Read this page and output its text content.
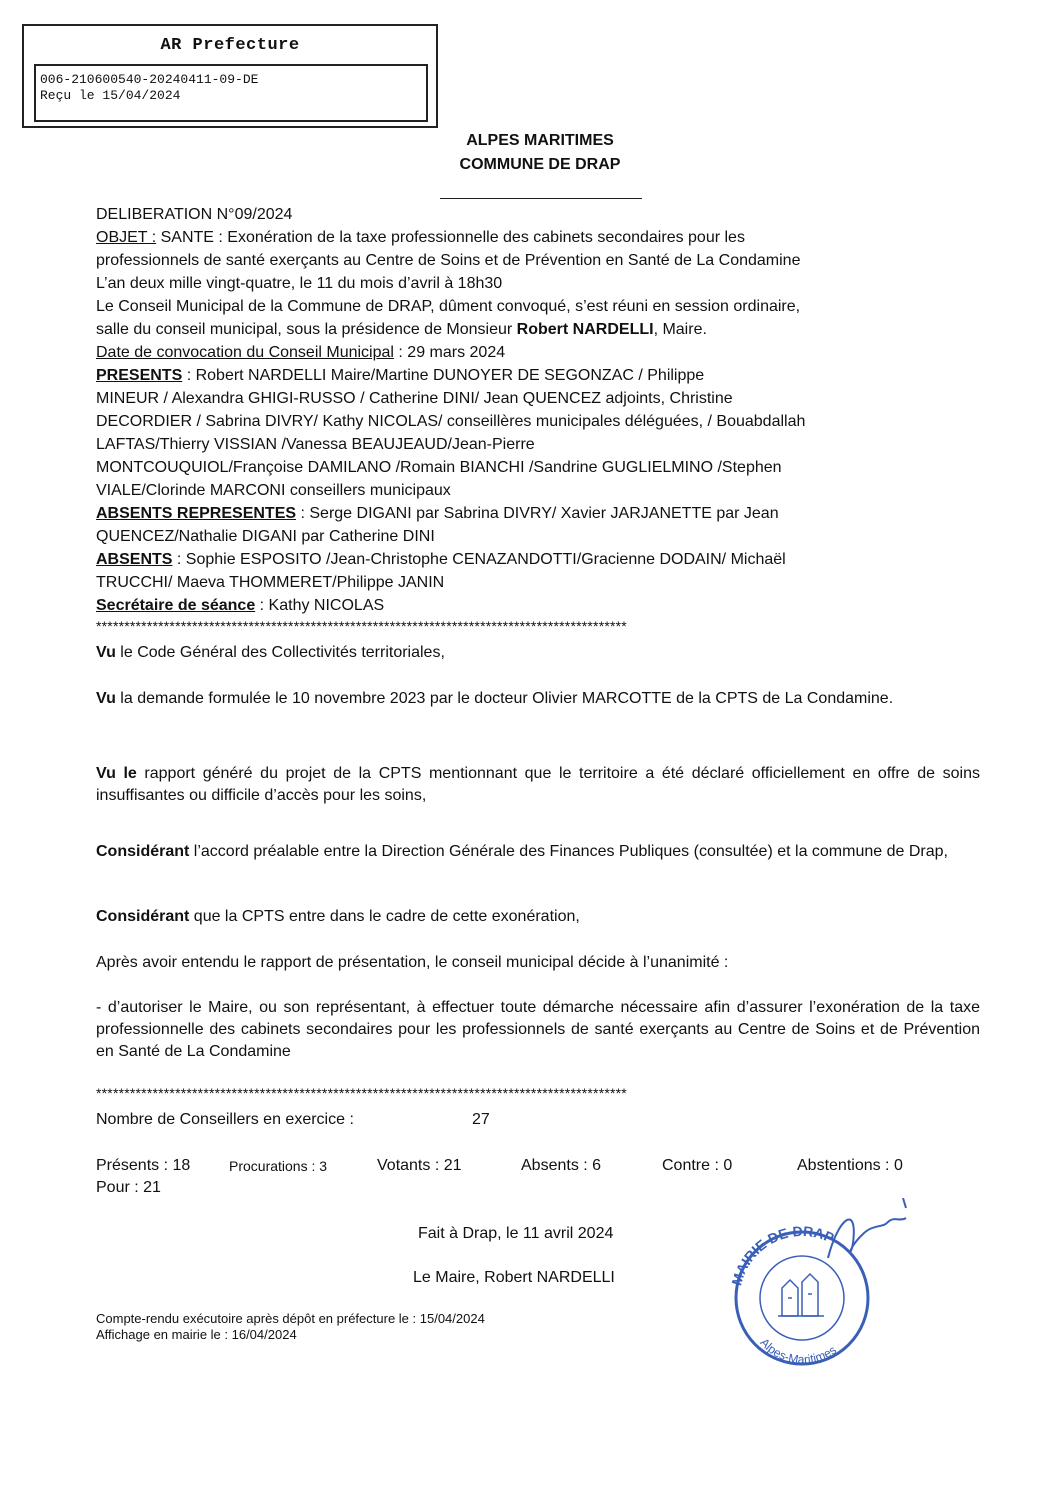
AR Prefecture
006-210600540-20240411-09-DE
Reçu le 15/04/2024
ALPES MARITIMES
COMMUNE DE DRAP
DELIBERATION N°09/2024
OBJET : SANTE : Exonération de la taxe professionnelle des cabinets secondaires pour les
professionnels de santé exerçants au Centre de Soins et de Prévention en Santé de La Condamine
L’an deux mille vingt-quatre, le 11 du mois d’avril à 18h30
Le Conseil Municipal de la Commune de DRAP, dûment convoqué, s’est réuni en session ordinaire,
salle du conseil municipal, sous la présidence de Monsieur Robert NARDELLI, Maire.
Date de convocation du Conseil Municipal : 29 mars 2024
PRESENTS : Robert NARDELLI Maire/Martine DUNOYER DE SEGONZAC / Philippe
MINEUR / Alexandra GHIGI-RUSSO / Catherine DINI/ Jean QUENCEZ adjoints, Christine
DECORDIER / Sabrina DIVRY/ Kathy NICOLAS/ conseillères municipales déléguées, / Bouabdallah
LAFTAS/Thierry VISSIAN /Vanessa BEAUJEAUD/Jean-Pierre
MONTCOUQUIOL/Françoise DAMILANO /Romain BIANCHI /Sandrine GUGLIELMINO /Stephen
VIALE/Clorinde MARCONI conseillers municipaux
ABSENTS REPRESENTES : Serge DIGANI par Sabrina DIVRY/ Xavier JARJANETTE par Jean
QUENCEZ/Nathalie DIGANI par Catherine DINI
ABSENTS : Sophie ESPOSITO /Jean-Christophe CENAZANDOTTI/Gracienne DODAIN/ Michaël
TRUCCHI/ Maeva THOMMERET/Philippe JANIN
Secrétaire de séance : Kathy NICOLAS
**********************************************************************************************
Vu le Code Général des Collectivités territoriales,
Vu la demande formulée le 10 novembre 2023 par le docteur Olivier MARCOTTE de la CPTS de La Condamine.
Vu le rapport généré du projet de la CPTS mentionnant que le territoire a été déclaré officiellement en offre de soins insuffisantes ou difficile d’accès pour les soins,
Considérant l’accord préalable entre la Direction Générale des Finances Publiques (consultée) et la commune de Drap,
Considérant que la CPTS entre dans le cadre de cette exonération,
Après avoir entendu le rapport de présentation, le conseil municipal décide à l’unanimité :
- d’autoriser le Maire, ou son représentant, à effectuer toute démarche nécessaire afin d’assurer l’exonération de la taxe professionnelle des cabinets secondaires pour les professionnels de santé exerçants au Centre de Soins et de Prévention en Santé de La Condamine
**********************************************************************************************
Nombre de Conseillers en exercice :	27
Présents : 18	Procurations : 3	Votants : 21	Absents : 6	Contre : 0	Abstentions : 0
Pour : 21
Fait à Drap, le 11 avril 2024
Le Maire, Robert NARDELLI	MAIRIE DE DRAP
Alpes-Maritimes
Compte-rendu exécutoire après dépôt en préfecture le : 15/04/2024
Affichage en mairie le : 16/04/2024
